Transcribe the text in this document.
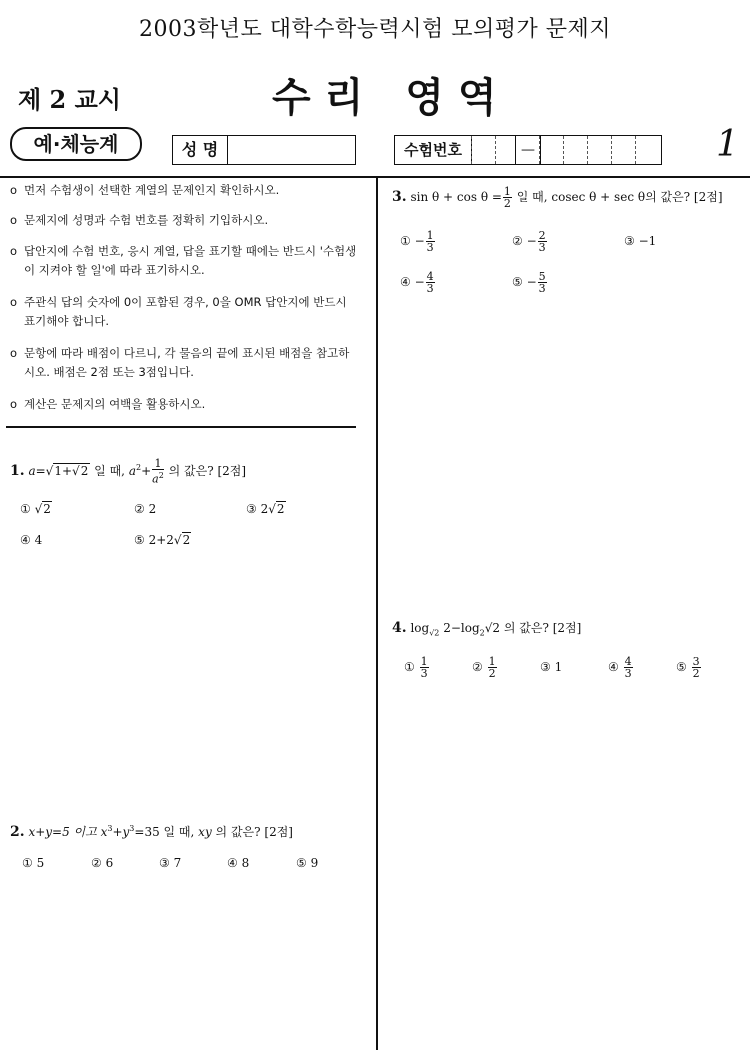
2003학년도 대학수학능력시험 모의평가 문제지
제 2 교시	수리 영역
예·체능계	성 명	수험번호	—	1
o 먼저 수험생이 선택한 계열의 문제인지 확인하시오.
o 문제지에 성명과 수험 번호를 정확히 기입하시오.
o 답안지에 수험 번호, 응시 계열, 답을 표기할 때에는 반드시 '수험생이 지켜야 할 일'에 따라 표기하시오.
o 주관식 답의 숫자에 0이 포함된 경우, 0을 OMR 답안지에 반드시 표기해야 합니다.
o 문항에 따라 배점이 다르니, 각 물음의 끝에 표시된 배점을 참고하시오. 배점은 2점 또는 3점입니다.
o 계산은 문제지의 여백을 활용하시오.
1. a=√1+√2 일 때, $a^2+ \frac{1}{a^2}$ 의 값은? [2점]
① √2	② 2	③ 2√2
④ 4	⑤ 2+2√2
2. x+y=5 이고 $x^3+y^3=35$ 일 때, xy 의 값은? [2점]
① 5	② 6	③ 7	④ 8	⑤ 9
3. $\sin \theta + \cos \theta = \frac{1}{2}$ 일 때, cosec θ + sec θ의 값은? [2점]
① − $\frac{1}{3}$	② − $\frac{2}{3}$	③ −1
④ − $\frac{4}{3}$	⑤ − $\frac{5}{3}$
4. $\log_{√2} 2-\log_2√2$ 의 값은? [2점]
① $\frac{1}{3}$	② $\frac{1}{2}$	③ 1	④ $\frac{4}{3}$	⑤ $\frac{3}{2}$
